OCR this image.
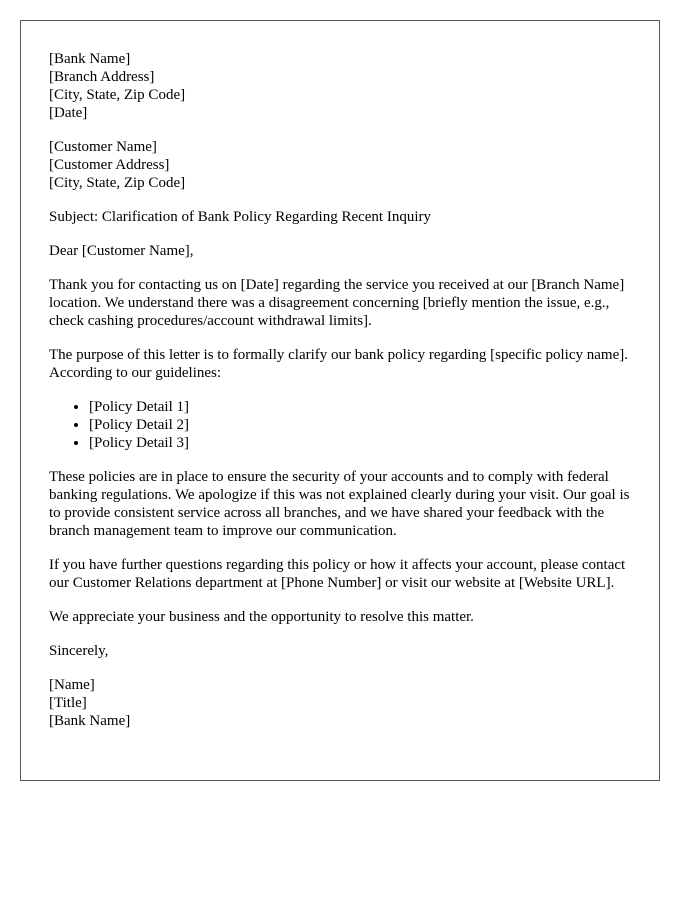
[Bank Name]
[Branch Address]
[City, State, Zip Code]
[Date]
[Customer Name]
[Customer Address]
[City, State, Zip Code]

Subject: Clarification of Bank Policy Regarding Recent Inquiry

Dear [Customer Name],

Thank you for contacting us on [Date] regarding the service you received at our [Branch Name] location. We understand there was a disagreement concerning [briefly mention the issue, e.g., check cashing procedures/account withdrawal limits].

The purpose of this letter is to formally clarify our bank policy regarding [specific policy name]. According to our guidelines:

• [Policy Detail 1]
• [Policy Detail 2]
• [Policy Detail 3]

These policies are in place to ensure the security of your accounts and to comply with federal banking regulations. We apologize if this was not explained clearly during your visit. Our goal is to provide consistent service across all branches, and we have shared your feedback with the branch management team to improve our communication.

If you have further questions regarding this policy or how it affects your account, please contact our Customer Relations department at [Phone Number] or visit our website at [Website URL].

We appreciate your business and the opportunity to resolve this matter.

Sincerely,

[Name]
[Title]
[Bank Name]
